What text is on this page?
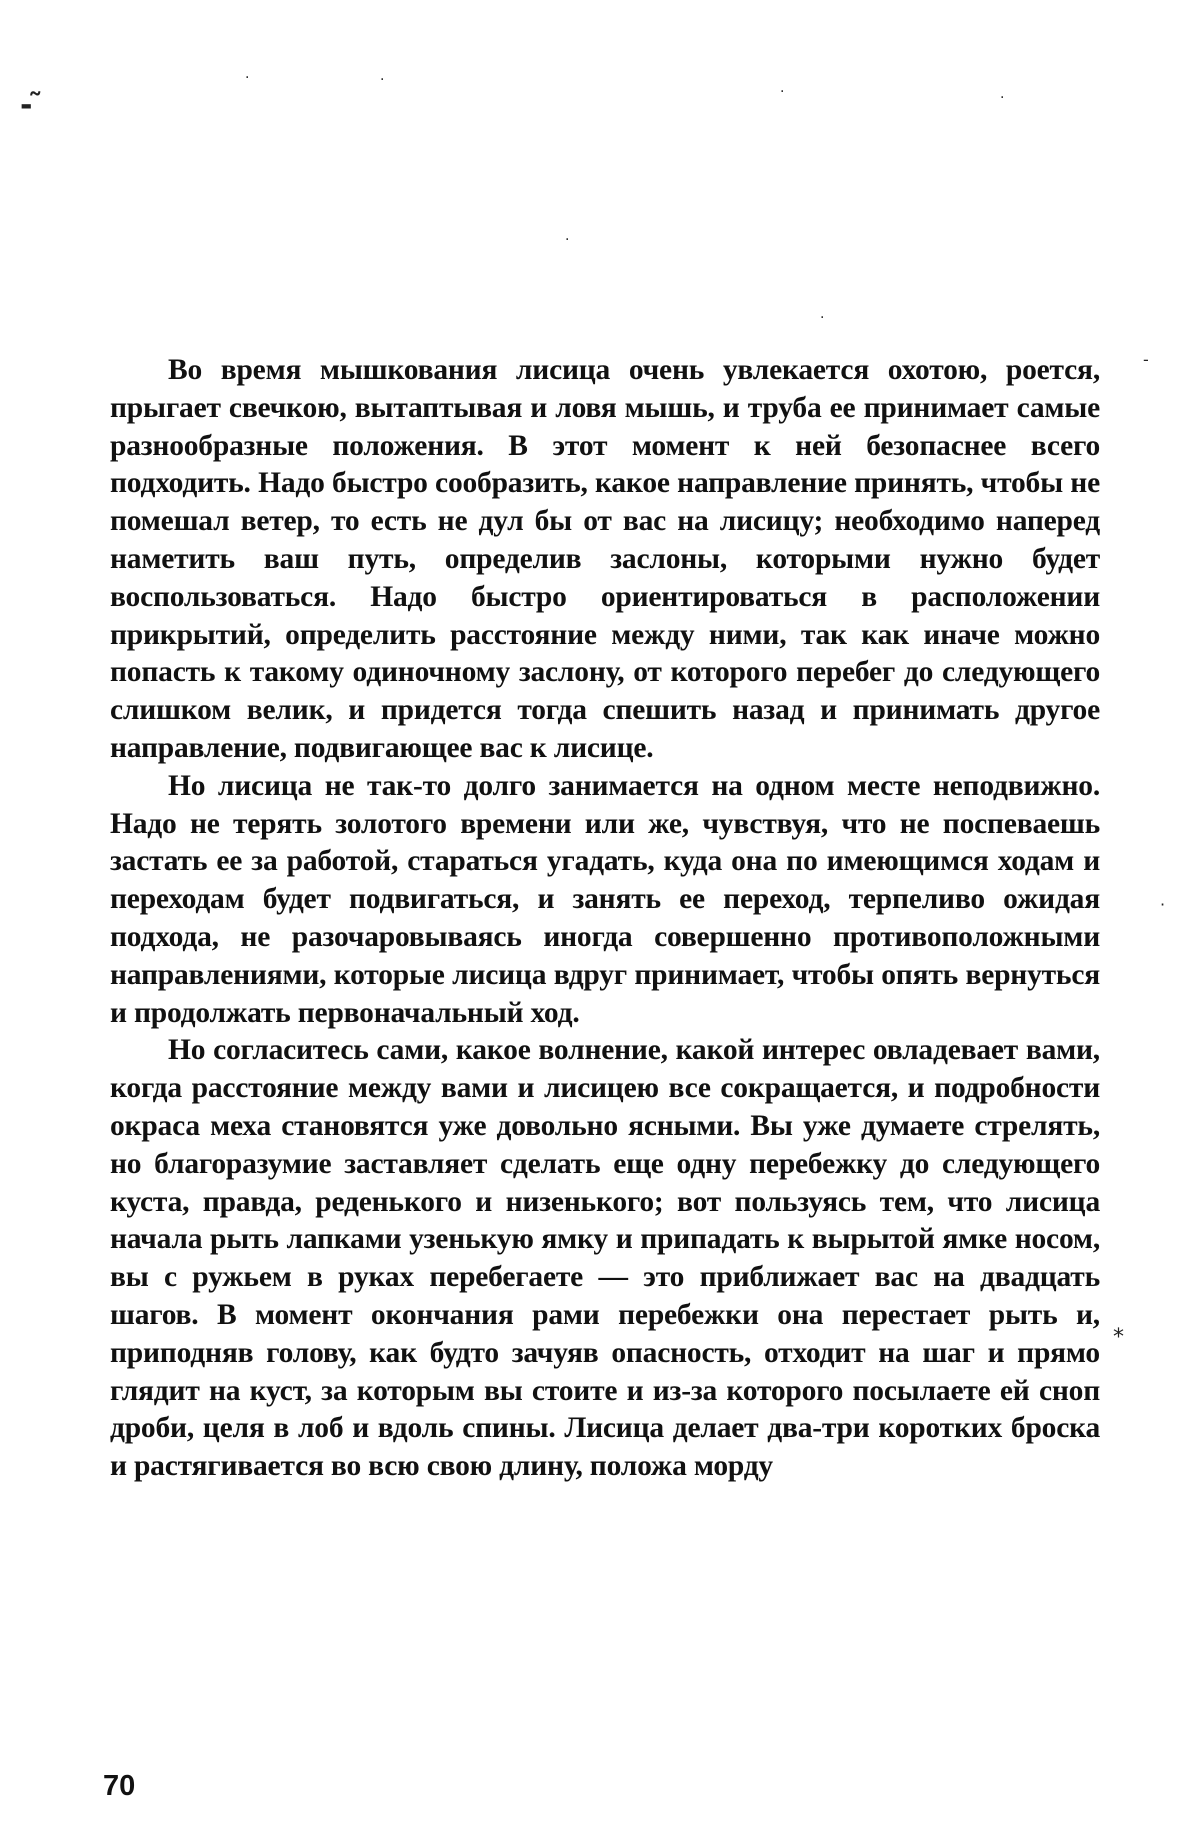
- ̃
·	·
·	·
·
·
-
·
*

Во время мышкования лисица очень увлекается охотою, роется, прыгает свечкою, вытаптывая и ловя мышь, и труба ее принимает самые разнообразные положения. В этот момент к ней безопаснее всего подходить. Надо быстро сообразить, какое направление принять, чтобы не помешал ветер, то есть не дул бы от вас на лисицу; необходимо наперед наметить ваш путь, определив заслоны, которыми нужно будет воспользоваться. Надо быстро ориентироваться в расположении прикрытий, определить расстояние между ними, так как иначе можно попасть к такому одиночному заслону, от которого перебег до следующего слишком велик, и придется тогда спешить назад и принимать другое направление, подвигающее вас к лисице.

Но лисица не так-то долго занимается на одном месте неподвижно. Надо не терять золотого времени или же, чувствуя, что не поспеваешь застать ее за работой, стараться угадать, куда она по имеющимся ходам и переходам будет подвигаться, и занять ее переход, терпеливо ожидая подхода, не разочаровываясь иногда совершенно противоположными направлениями, которые лисица вдруг принимает, чтобы опять вернуться и продолжать первоначальный ход.

Но согласитесь сами, какое волнение, какой интерес овладевает вами, когда расстояние между вами и лисицею все сокращается, и подробности окраса меха становятся уже довольно ясными. Вы уже думаете стрелять, но благоразумие заставляет сделать еще одну перебежку до следующего куста, правда, реденького и низенького; вот пользуясь тем, что лисица начала рыть лапками узенькую ямку и припадать к вырытой ямке носом, вы с ружьем в руках перебегаете — это приближает вас на двадцать шагов. В момент окончания рами перебежки она перестает рыть и, приподняв голову, как будто зачуяв опасность, отходит на шаг и прямо глядит на куст, за которым вы стоите и из-за которого посылаете ей сноп дроби, целя в лоб и вдоль спины. Лисица делает два-три коротких броска и растягивается во всю свою длину, положа морду

70
